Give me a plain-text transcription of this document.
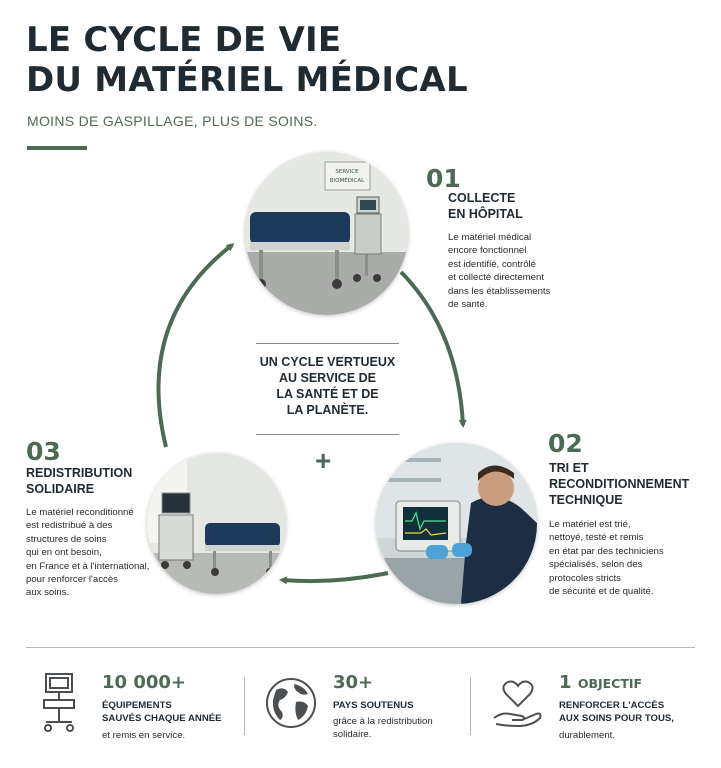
LE CYCLE DE VIE
DU MATÉRIEL MÉDICAL
MOINS DE GASPILLAGE, PLUS DE SOINS.
SERVICE
BIOMÉDICAL 01
COLLECTE
EN HÔPITAL
Le matériel médical
encore fonctionnel
est identifié, contrôlé
et collecté directement
dans les établissements
de santé.
02
TRI ET
RECONDITIONNEMENT
TECHNIQUE
Le matériel est trié,
nettoyé, testé et remis
en état par des techniciens
spécialisés, selon des
protocoles stricts
de sécurité et de qualité.
03
REDISTRIBUTION
SOLIDAIRE
Le matériel reconditionné
est redistribué à des
structures de soins
qui en ont besoin,
en France et à l'international,
pour renforcer l'accès
aux soins.
UN CYCLE VERTUEUX
AU SERVICE DE
LA SANTÉ ET DE
LA PLANÈTE.
+
10 000+
ÉQUIPEMENTS
SAUVÉS CHAQUE ANNÉE
et remis en service.
30+
PAYS SOUTENUS
grâce à la redistribution
solidaire.
1 OBJECTIF
RENFORCER L'ACCÈS
AUX SOINS POUR TOUS,
durablement.
